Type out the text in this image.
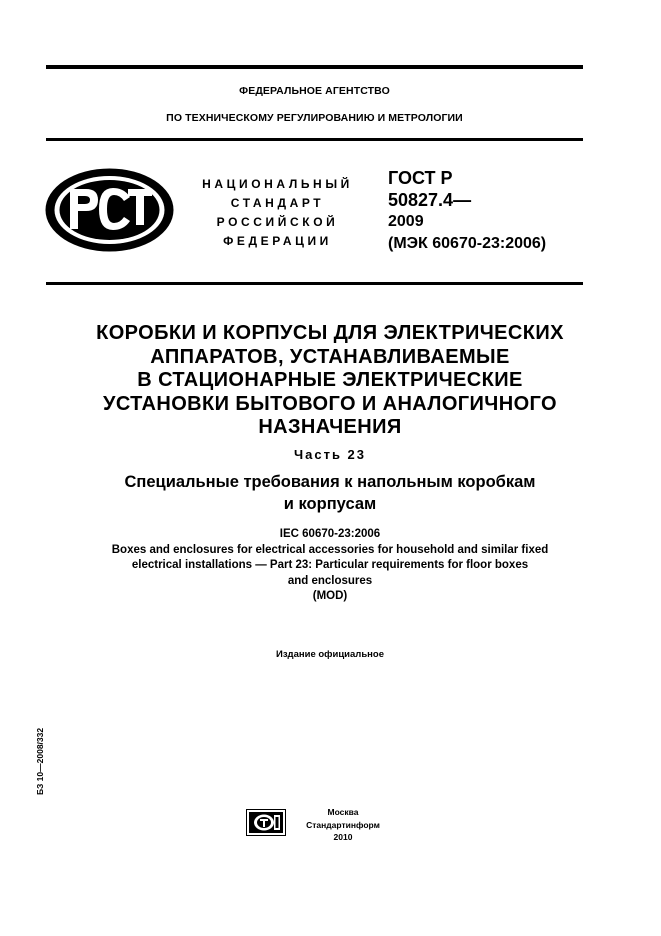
ФЕДЕРАЛЬНОЕ АГЕНТСТВО
ПО ТЕХНИЧЕСКОМУ РЕГУЛИРОВАНИЮ И МЕТРОЛОГИИ
НАЦИОНАЛЬНЫЙ
СТАНДАРТ
РОССИЙСКОЙ
ФЕДЕРАЦИИ
ГОСТ Р
50827.4—
2009
(МЭК 60670-23:2006)
КОРОБКИ И КОРПУСЫ ДЛЯ ЭЛЕКТРИЧЕСКИХ
АППАРАТОВ, УСТАНАВЛИВАЕМЫЕ
В СТАЦИОНАРНЫЕ ЭЛЕКТРИЧЕСКИЕ
УСТАНОВКИ БЫТОВОГО И АНАЛОГИЧНОГО
НАЗНАЧЕНИЯ
Часть 23
Специальные требования к напольным коробкам
и корпусам
IEC 60670-23:2006
Boxes and enclosures for electrical accessories for household and similar fixed
electrical installations — Part 23: Particular requirements for floor boxes
and enclosures
(MOD)
Издание официальное
БЗ 10—2008/332
Москва
Стандартинформ
2010
